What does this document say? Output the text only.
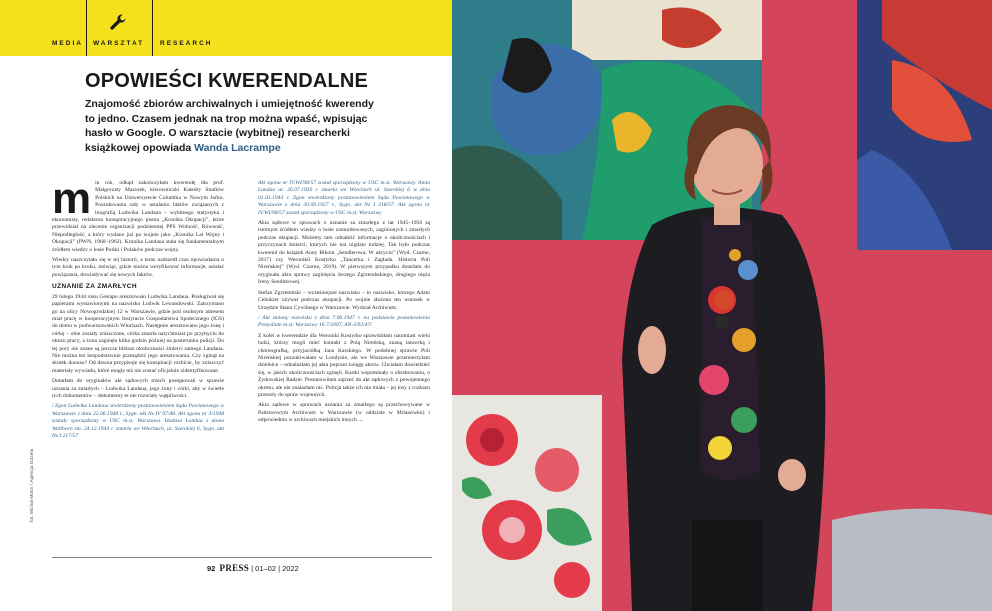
MEDIA WARSZTAT RESEARCH
OPOWIEŚCI KWERENDALNE

Znajomość zbiorów archiwalnych i umiejętność kwerendy to jedno. Czasem jednak na trop można wpaść, wpisując hasło w Google. O warsztacie (wybitnej) researcherki książkowej opowiada Wanda Lacrampe

m in rok, odkąd zakończyłam kwerendę dla prof. Małgorzaty Mazurek, kierowniczki Katedry Studiów Polskich na Uniwersytecie Columbia w Nowym Jorku. Poszukiwania szły w ustalaniu faktów związanych z biografią Ludwika Landaua – wybitnego statystyka i ekonomisty, redaktora konspiracyjnego pisma „Kronika Okupacji”, które przewidział na zlecenie organizacji podziemnej PPS Wolność, Równość, Niepodległość, a który wydano już po wojnie jako „Kronika Lat Wojny i Okupacji” (PWN, 1960–1962). Kronika Landaua stała się fundamentalnym źródłem wiedzy o losie Polski i Polaków podczas wojny.

Wiedzy naszczytało się w tej historii, a teraz nadszedł czas opowiadania o tym krok po kroku, mówiąc, gdzie można weryfikować informacje, ustalać powiązania, dowiadywać się nowych faktów.

UZNANIE ZA ZMARŁYCH

29 lutego 1944 roku Gestapo aresztowało Ludwika Landaua. Posługiwał się papierami wystawionymi na nazwisko Ludwik Lewandowski. Zatrzymano go na ulicy Nowogrodzkiej 12 w Warszawie, gdzie pod osobnym adresem miał pracę w kooperacyjnym Instytucie Gospodarstwa Społecznego (IGS) do domu w podwarszawskich Włochach. Następnie aresztowano jego żonę i córkę – obie zostały zniszczone, córka zmarła natychmiast po przybyciu do obozu pracy, a żona zaginęła kilka godzin później na posterunku policji. Do tej pory nie znane są jeszcze bliższe okoliczności śmierci samego Landaua. Nie można też bezpodstawnie przesądzić jego aresztowania. Czy zginął na skutek donosu? Od dawna przypisuje się konspiracji rozbicie, by zniszczyć materiały wywiadu, które mogły też nie zostać oficjalnie zidentyfikowane.

Dotarłam do oryginałów akt sądowych trzech postępowań w sprawie uznania za zmarłych – Ludwika Landaua, jego żony i córki, aby w świetle tych dokumentów – dokumenty te nie rozwiały wątpliwości.

/ Zgon Ludwika Landaua stwierdzony postanowieniem Sądu Powiatowego w Warszawie z dnia 22.06.1948 r., Sygn. akt Ns IV 97/48. Akt zgonu nr 3/1948 zostały sporządzony w USC m.st. Warszawa. Hadasa Landau z domu Wallhorn zm. 24.12.1944 r. zmarła we Włochach, ul. Szerokiej 6, Sygn. akt Ns I 217/57

Akt zgonu nr IV.WI/98/57 został sporządzony w USC m.st. Warszawy. Anna Landau ur. 26.07.1930 r. zmarła we Włochach ul. Szerokiej 6 w dniu 01.03.1944 r. Zgon stwierdzony postanowieniem Sądu Powiatowego w Warszawie z dnia 20.09.1957 r., Sygn. akt Ns I 218/57. Akt zgonu nr IV.WI/98/57 został sporządzony w USC m.st. Warszawy

Akta sądowe w sprawach o uznanie za zmarłego z lat 1945–1956 są istotnym źródłem wiedzy o losie zamordowanych, zaginionych i zmarłych podczas okupacji. Możemy tam odnaleźć informacje o okolicznościach i przyczynach śmierci, których nie ma nigdzie indziej. Tak było podczas kwerend do książek Anny Bikont „Sendlerowa. W ukryciu” (Wyd. Czarne, 2017) czy Weronikii Kostyrko „Tancerka i Zagłada. Historia Poli Nireńskiej” (Wyd. Czarne, 2019). W pierwszym przypadku dotarłam do oryginału aktu sprawy zaginięcia Jerzego Zgrzembskiego, drugiego męża Ireny Sendlerowej.

Stefan Zgrzembski – wcześniejsze nazwisko – to nazwisko, którego Adam Celnikier używał podczas okupacji. Po wojnie złożono ten wniosek w Urzędzie Stanu Cywilnego w Warszawie. Wydział Archiwum.

/ Akt zmiany nazwiska z dnia 7.06.1947 r. na podstawie postanowienia Prezydium m.st. Warszawy 16.7/2007, AN-3/92/47/

Z kolei w kwerendzie dla Weroniki Kostyrko sprawdziłam natomiast wielu ludzi, którzy mogli mieć kontakt z Polą Nireńską, znaną tancerką i choreografką, przyjaciółką Jana Karskiego. W podobnej sprawie Poli Nireńskiej poszukiwałam w Londynie, ale we Warszawie przemierzyłam dzielnice – odnalazłam jej akta poprzez księgę aktów. Chciałam dowiedzieć się, w jakich okolicznościach zginęli. Kartki wspominały o obrabowaniu, o Żydowskiej Radzie. Postanowiłam zajrzeć do akt sądowych z powojennego okresu, ale nie znalazłam nic. Policja także ich nie miała – jej losy z rozkazu przeszły do spraw wojennych.

Akta sądowe w sprawach uznania za zmarłego są przechowywane w Państwowym Archiwum w Warszawie (w oddziale w Milanówku) i odpowiednio w archiwach miejskich innych →

fot. Michał Mutor / Agencja Gazeta
92 PRESS | 01–02 | 2022
